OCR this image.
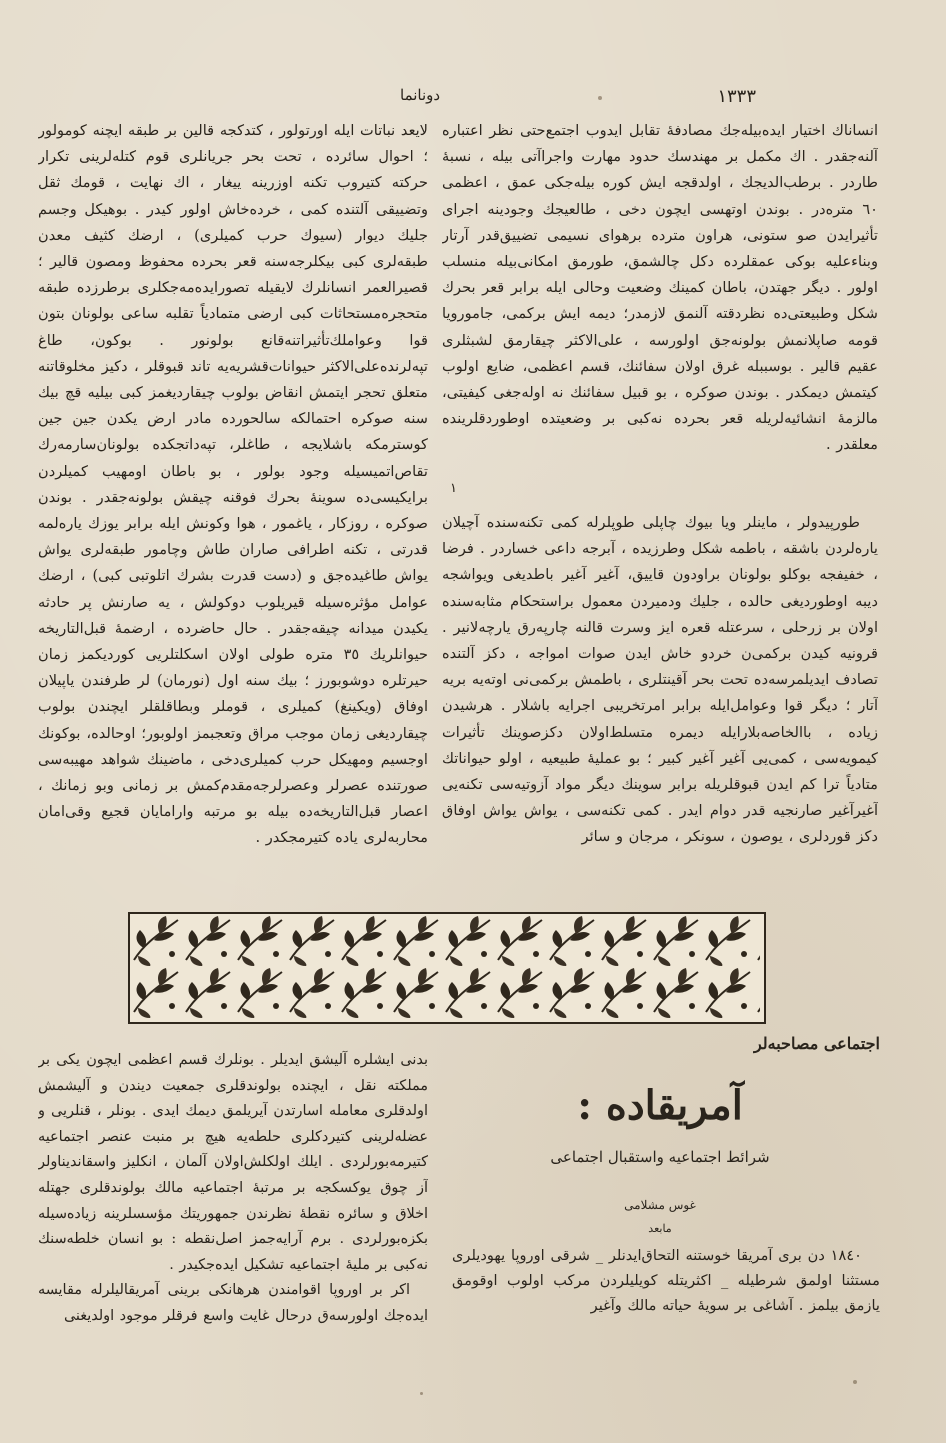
١٣٣٣
دونانما

انساناك اختیار ایده‌بیله‌جك مصادفه‌ٔ تقابل ایدوب اجتمع‌حتی نظر اعتباره آلنه‌جقدر . اك مكمل بر مهندسك حدود مهارت واجراآتی بیله ، نسبهٔ طار‌در . برطب‌الدیجك ، اولدقجه ایش كوره بیله‌جكی عمق ، اعظمی ٦٠ متره‌در . بوندن اوتهسی ایچون دخی ، طالعیجك وجودینه اجرای تأثیرایدن صو ستونی، هراون مترده برهوای نسیمی تضییق‌قدر آرتار وبناء‌علیه بوكی عمقلرده دكل چالشمق، طورمق امكانی‌بیله منسلب اولور . دیگر جهتدن، باطان كمینك وضعیت وحالی ایله برابر قعر بحرك شكل وطبیعتی‌ده نظردقته آلنمق لازمدر؛ دیمه ایش بركمی، جامورویا قومه صاپلانمش بولونه‌جق اولورسه ، علی‌الاكثر چیقارمق لشبثلری عقیم قالیر . بوسببله غرق اولان سفائنك، قسم اعظمی، ضایع اولوب كیتمش دیمكدر . بوندن صوكره ، بو قبیل سفائنك نه اوله‌جغی كیفیتی، مالزمهٔ انشائیه‌لریله قعر بحرده نه‌كبی بر وضعیتده اوطوردقلرینده معلقدر .

١

طورپیدولر ، ماینلر ویا بیوك چاپلی طوپلرله كمی تكنه‌سنده آچیلان یاره‌لردن باشقه ، باطمه شكل وطرزیده ، آبرجه داعی خسار‌در . فرضا ، خفیفجه بوكلو بولونان براودون قاییق، آغیر آغیر باطدیغی ویواشجه دیبه اوطوردیغی حالده ، جلیك ودمیردن معمول براستحكام مثابه‌سنده اولان بر زرحلی ، سرعتله قعره ایز وسرت قالنه چارپه‌رق یارچه‌لانیر . قرونیه كیدن بركمی‌ن خردو خاش ایدن صوات امواجه ، دكز آلتنده تصادف ایدیلمرسه‌ده تحت بحر آقینتلری ، باطمش بركمی‌نی اوته‌یه بریه آتار ؛ دیگر قوا وعوامل‌ایله برابر امرتخریبی اجرایه باشلار . هرشیدن زیاده ، باالخاصه‌بلارایله دیمره متسلط‌اولان دكزصوینك تأثیرات كیمویه‌سی ، كمی‌یی آغیر آغیر كبیر ؛ بو عملیهٔ طبیعیه ، اولو حیواناتك متادیاً ترا كم ایدن قبوقلریله برابر سوینك دیگر مواد آزوتیه‌سی تكنه‌یی آغیرآغیر صارنجیه قدر دوام ایدر . كمی تكنه‌سی ، یواش یواش اوفاق دكز قوردلری ، یوصون ، سونكر ، مرجان و سائر

لایعد نباتات ایله اورتولور ، كتدكجه قالین بر طبقه ایچنه كومولور ؛ احوال سائرده ، تحت بحر جریانلری قوم كتله‌لرینی تكرار حركته كتیروب تكنه اوزرینه ییغار ، اك نهایت ، قومك ثقل وتضییقی آلتنده كمی ، خرده‌خاش اولور كیدر . بوهیكل وجسم جلیك دیوار (سیوك حرب كمیلری) ، ارضك كثیف معدن طبقه‌لری كبی بیكلرجه‌سنه قعر بحرده محفوظ ومصون قالیر ؛ قصیرالعمر انسانلرك لایقیله تصورایده‌مه‌جكلری برطرزده طبقه متحجره‌مستحاثات كبی ارضی متمادیاً تقلبه ساعی بولونان بتون قوا وعواملك‌تأثیراتنه‌قانع بولونور . بوكون، طاغ تپه‌لرنده‌علی‌الاكثر حیوانات‌قشریه‌یه تاند قبوقلر ، دكیز مخلوقاتنه متعلق تحجر ایتمش انقاض بولوب چیقاردیغمز كبی بیلیه قچ بیك سنه صوكره احتمالكه سالحورده مادر ارض یكدن جین جین كوسترمكه باشلایجه ، طاغلر، تپه‌داتجكده بولونان‌سارمه‌رك تقاص‌اتمیسیله وجود بولور ، بو باطان اومهیب كمیلردن برایكیسی‌ده سوینهٔ بحرك فوقنه چیقش بولونه‌جقدر . بوندن صوكره ، روزكار ، یاغمور ، هوا وكونش ایله برابر یوزك یاره‌لمه قدرتی ، تكنه اطرافی صاران طاش وچامور طبقه‌لری یواش یواش طاغیده‌جق و (دست قدرت بشرك اتلوتبی كبی) ، ارضك عوامل مؤثره‌سیله قیریلوب دوكولش ، یه صارنش پر حادثه یكیدن میدانه چیقه‌جقدر . حال حاضرده ، ارضمهٔ قبل‌التاریخه حیوانلریك ٣٥ متره طولی اولان اسكلتلریی كوردیكمز زمان حیرتلره دوشوبورز ؛ بیك سنه اول (نورمان) لر طرفندن یاپیلان اوفاق (ویكینغ) كمیلری ، قوملر وبطاقلقلر ایچندن بولوب چیقاردیغی زمان موجب مراق وتعجبمز اولوبور؛ اوحالده، بوكونك اوجسیم ومهیكل حرب كمیلری‌دخی ، ماضینك شواهد مهیبه‌سی صورتنده عصرلر وعصرلرجه‌مقدم‌كمش بر زمانی وبو زمانك ، اعصار قبل‌التاریخه‌ده بیله بو مرتبه وارامایان قجیع وقی‌امان محاربه‌لری یاده كتیرمجكدر .

اجتماعی مصاحبه‌لر
آمریقاده :
شرائط اجتماعیه واستقبال اجتماعی
غوس مشلامی
مابعد

١٨٤٠ دن بری آمریقا خوستنه التحاق‌ایدنلر _ شرقی اوروپا یهودیلری مستثنا اولمق شرطیله _ اكثریتله كویلیلردن مركب اولوب اوقومق یازمق بیلمز . آشاغی بر سویهٔ حیاته مالك وآغیر

بدنی ایشلره آلیشق ایدیلر . بونلرك قسم اعظمی ایچون یكی بر مملكته نقل ، ایچنده بولوندقلری جمعیت دیندن و آلیشمش اولدقلری معامله اسارتدن آیریلمق دیمك ایدی . بونلر ، قنلریی و عضله‌لرینی كتیردكلری حلطه‌یه هیچ بر منبت عنصر اجتماعیه كتیرمه‌بورلردی . ایلك اولكلش‌اولان آلمان ، انكلیز واسقاندیناولر آز چوق یوكسكجه بر مرتبهٔ اجتماعیه مالك بولوندقلری جهتله اخلاق و سائره نقطهٔ نظرندن جمهوریتك مؤسسلرینه زیاده‌سیله بكزه‌بورلردی . برم آرایه‌جمز اصل‌نقطه : بو انسان خلطه‌سنك نه‌كبی بر ملیهٔ اجتماعیه تشكیل ایده‌جكیدر .

اكر بر اوروپا اقوامندن هرهانكی برینی آمریقالیلرله مقایسه ایده‌جك اولورسه‌ق درحال غایت واسع فرقلر موجود اولدیغنی
